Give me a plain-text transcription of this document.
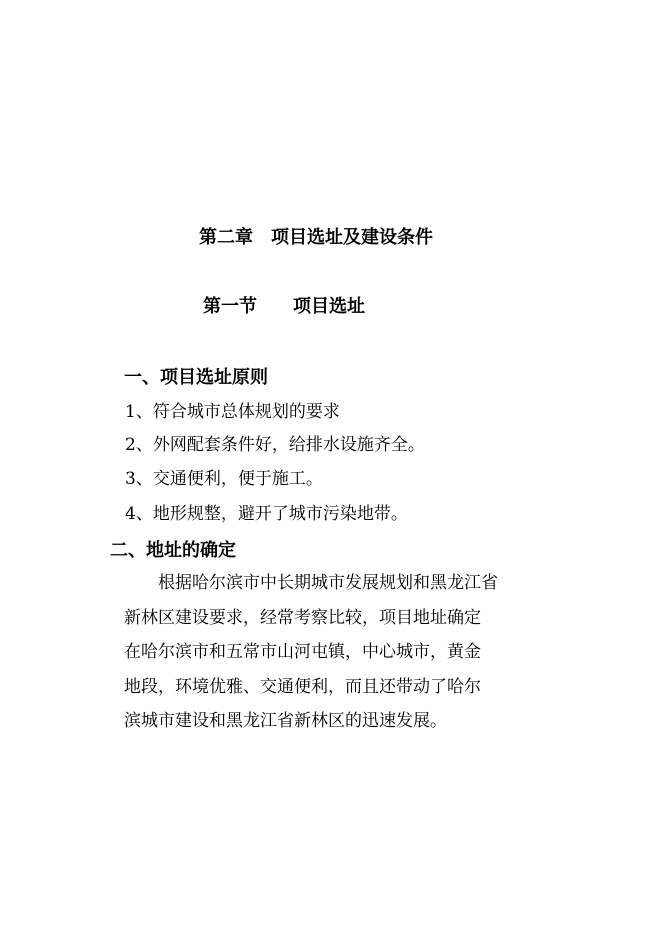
第二章　项目选址及建设条件
第一节　　项目选址
一、项目选址原则
1、符合城市总体规划的要求
2、外网配套条件好，给排水设施齐全。
3、交通便利，便于施工。
4、地形规整，避开了城市污染地带。
二、地址的确定
　　根据哈尔滨市中长期城市发展规划和黑龙江省
新林区建设要求，经常考察比较，项目地址确定
在哈尔滨市和五常市山河屯镇，中心城市，黄金
地段，环境优雅、交通便利，而且还带动了哈尔
滨城市建设和黑龙江省新林区的迅速发展。
